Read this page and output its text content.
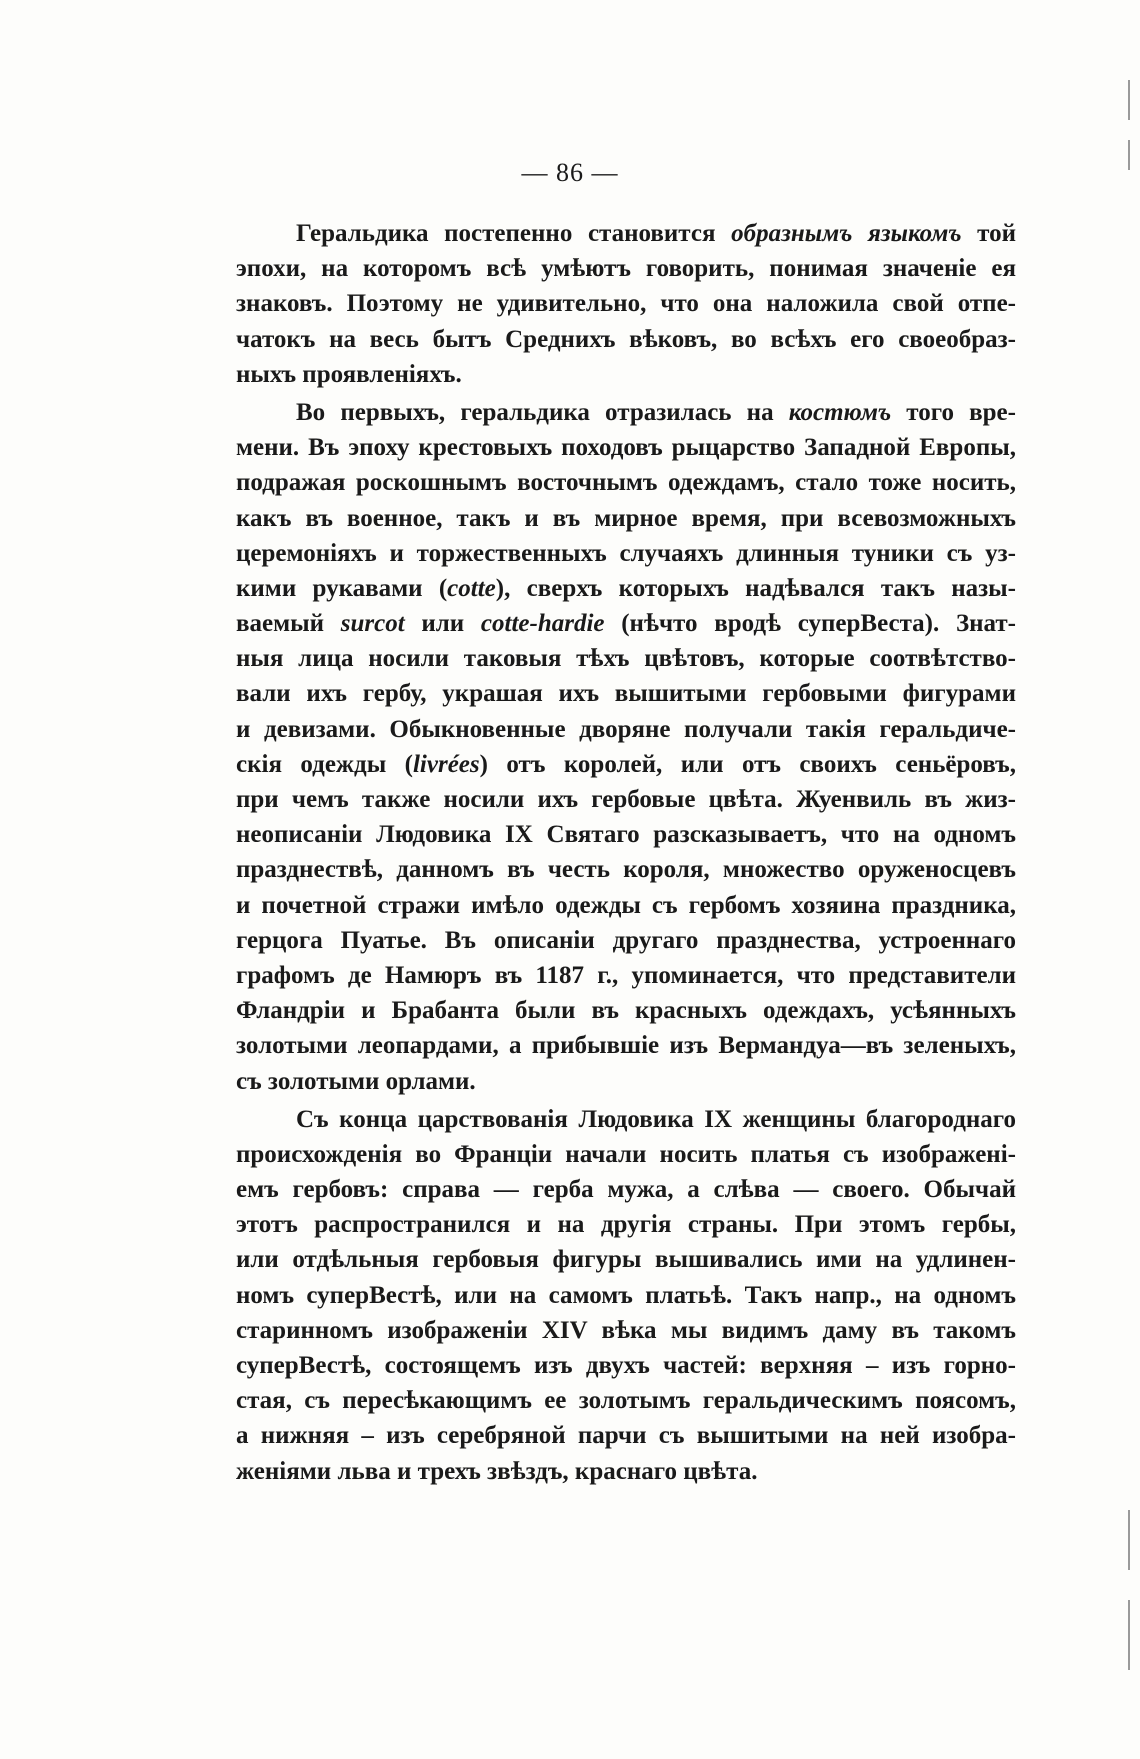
— 86 —
Геральдика постепенно становится образнымъ языкомъ той
эпохи, на которомъ всѣ умѣютъ говорить, понимая значеніе ея
знаковъ. Поэтому не удивительно, что она наложила свой отпе-
чатокъ на весь бытъ Среднихъ вѣковъ, во всѣхъ его своеобраз-
ныхъ проявленіяхъ.
Во первыхъ, геральдика отразилась на костюмъ того вре-
мени. Въ эпоху крестовыхъ походовъ рыцарство Западной Европы,
подражая роскошнымъ восточнымъ одеждамъ, стало тоже носить,
какъ въ военное, такъ и въ мирное время, при всевозможныхъ
церемоніяхъ и торжественныхъ случаяхъ длинныя туники съ уз-
кими рукавами (cotte), сверхъ которыхъ надѣвался такъ назы-
ваемый surcot или cotte-hardie (нѣчто вродѣ суперВеста). Знат-
ныя лица носили таковыя тѣхъ цвѣтовъ, которые соотвѣтство-
вали ихъ гербу, украшая ихъ вышитыми гербовыми фигурами
и девизами. Обыкновенные дворяне получали такія геральдиче-
скія одежды (livrées) отъ королей, или отъ своихъ сеньёровъ,
при чемъ также носили ихъ гербовые цвѣта. Жуенвиль въ жиз-
неописаніи Людовика IX Святаго разсказываетъ, что на одномъ
празднествѣ, данномъ въ честь короля, множество оруженосцевъ
и почетной стражи имѣло одежды съ гербомъ хозяина праздника,
герцога Пуатье. Въ описаніи другаго празднества, устроеннаго
графомъ де Намюръ въ 1187 г., упоминается, что представители
Фландріи и Брабанта были въ красныхъ одеждахъ, усѣянныхъ
золотыми леопардами, а прибывшіе изъ Вермандуа—въ зеленыхъ,
съ золотыми орлами.
Съ конца царствованія Людовика IX женщины благороднаго
происхожденія во Франціи начали носить платья съ изображені-
емъ гербовъ: справа — герба мужа, а слѣва — своего. Обычай
этотъ распространился и на другія страны. При этомъ гербы,
или отдѣльныя гербовыя фигуры вышивались ими на удлинен-
номъ суперВестѣ, или на самомъ платьѣ. Такъ напр., на одномъ
старинномъ изображеніи XIV вѣка мы видимъ даму въ такомъ
суперВестѣ, состоящемъ изъ двухъ частей: верхняя – изъ горно-
стая, съ пересѣкающимъ ее золотымъ геральдическимъ поясомъ,
а нижняя – изъ серебряной парчи съ вышитыми на ней изобра-
женіями льва и трехъ звѣздъ, краснаго цвѣта.
